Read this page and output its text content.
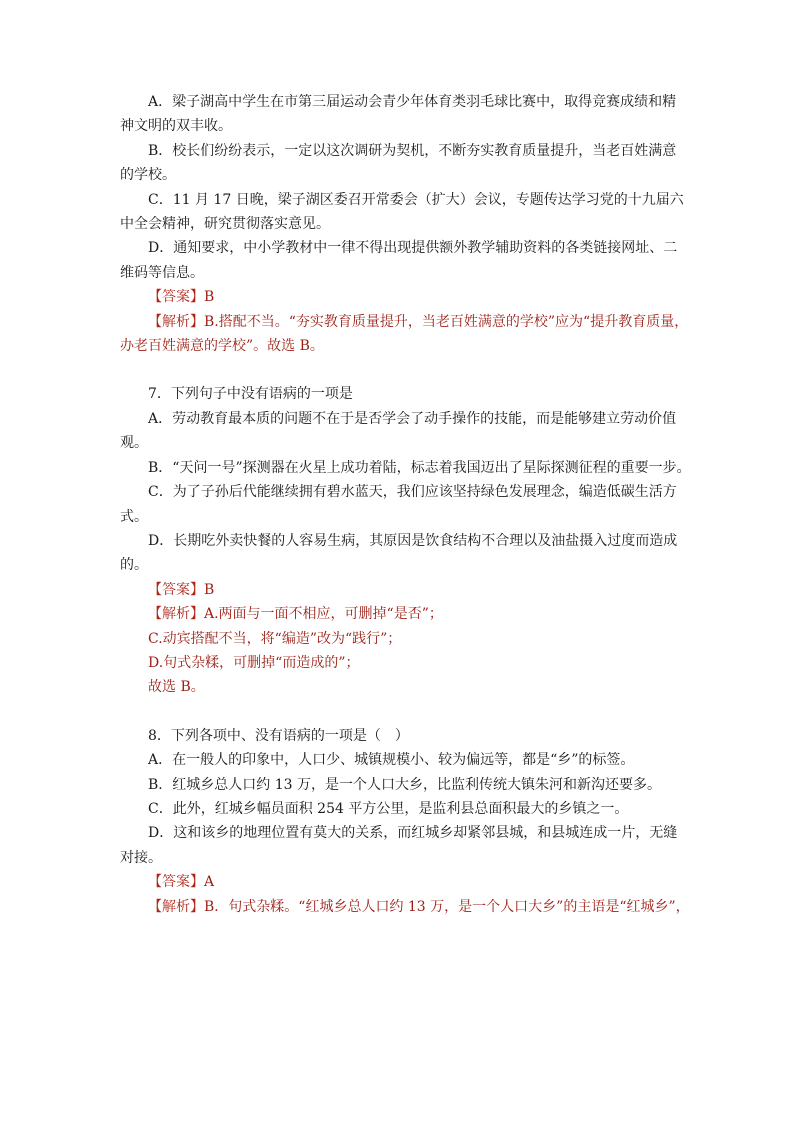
A．梁子湖高中学生在市第三届运动会青少年体育类羽毛球比赛中，取得竞赛成绩和精
神文明的双丰收。
B．校长们纷纷表示，一定以这次调研为契机，不断夯实教育质量提升，当老百姓满意
的学校。
C．11 月 17 日晚，梁子湖区委召开常委会（扩大）会议，专题传达学习党的十九届六
中全会精神，研究贯彻落实意见。
D．通知要求，中小学教材中一律不得出现提供额外教学辅助资料的各类链接网址、二
维码等信息。
【答案】B
【解析】B.搭配不当。“夯实教育质量提升，当老百姓满意的学校”应为“提升教育质量，
办老百姓满意的学校”。故选 B。
7．下列句子中没有语病的一项是
A．劳动教育最本质的问题不在于是否学会了动手操作的技能，而是能够建立劳动价值
观。
B．“天问一号”探测器在火星上成功着陆，标志着我国迈出了星际探测征程的重要一步。
C．为了子孙后代能继续拥有碧水蓝天，我们应该坚持绿色发展理念，编造低碳生活方
式。
D．长期吃外卖快餐的人容易生病，其原因是饮食结构不合理以及油盐摄入过度而造成
的。
【答案】B
【解析】A.两面与一面不相应，可删掉“是否”；
C.动宾搭配不当，将“编造”改为“践行”；
D.句式杂糅，可删掉“而造成的”；
故选 B。
8．下列各项中、没有语病的一项是（　）
A．在一般人的印象中，人口少、城镇规模小、较为偏远等，都是“乡”的标签。
B．红城乡总人口约 13 万，是一个人口大乡，比监利传统大镇朱河和新沟还要多。
C．此外，红城乡幅员面积 254 平方公里，是监利县总面积最大的乡镇之一。
D．这和该乡的地理位置有莫大的关系，而红城乡却紧邻县城，和县城连成一片，无缝
对接。
【答案】A
【解析】B．句式杂糅。“红城乡总人口约 13 万，是一个人口大乡”的主语是“红城乡”，
